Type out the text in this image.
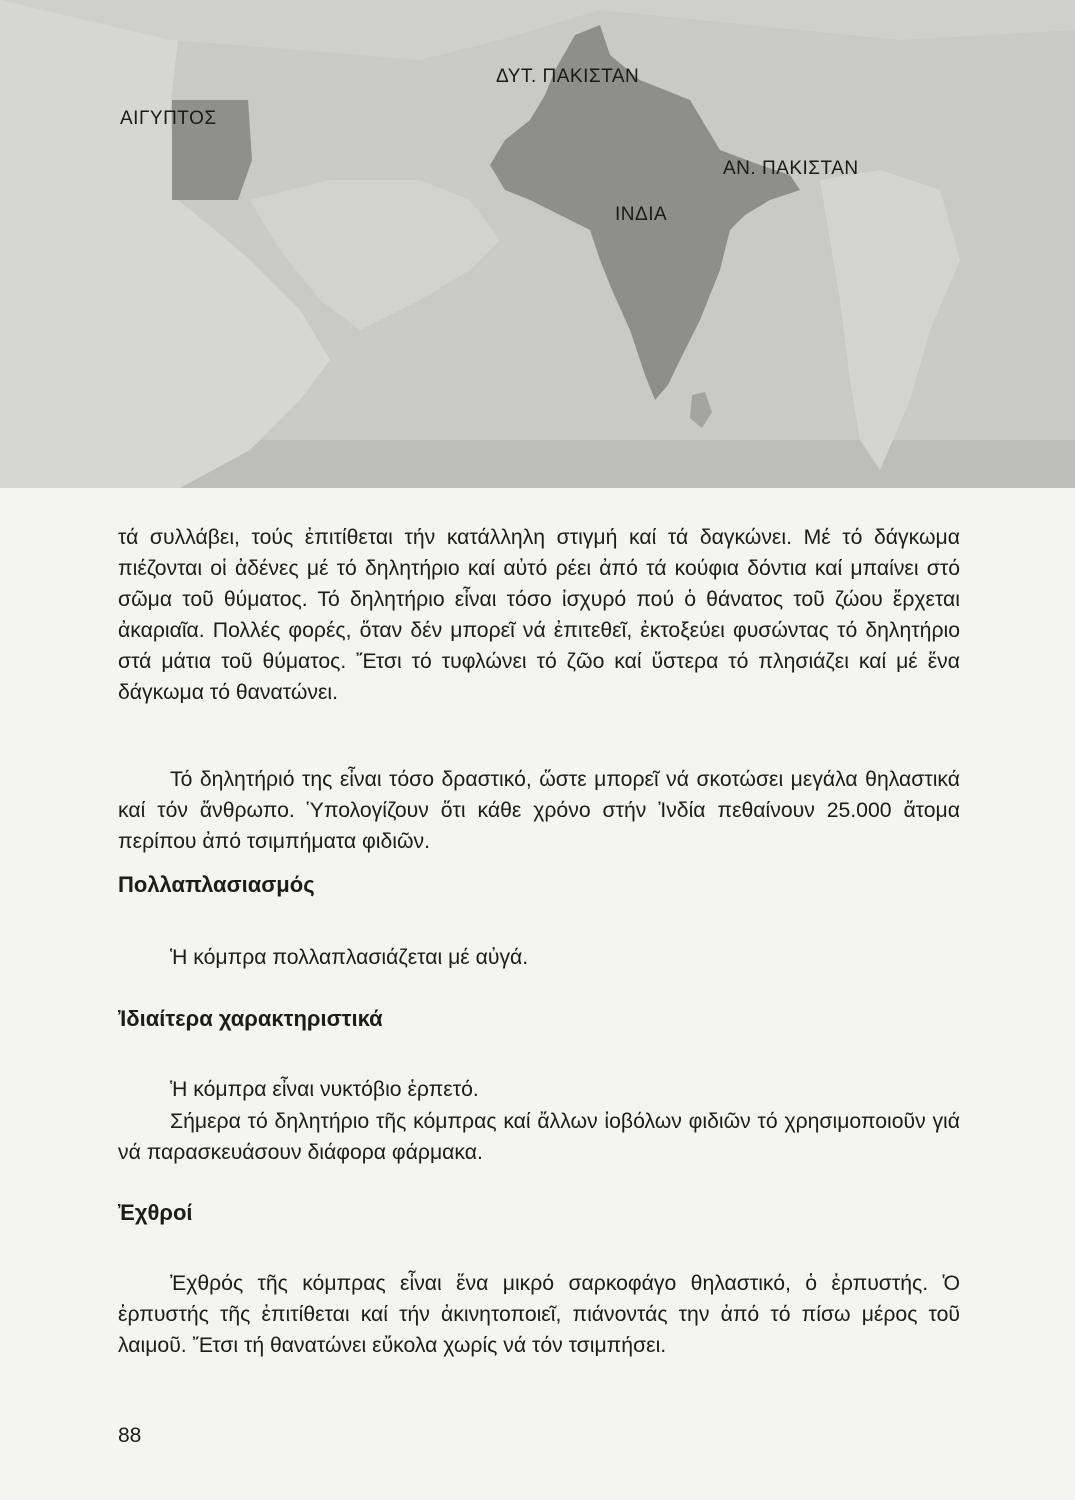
ΑΙΓΥΠΤΟΣ
ΔΥΤ. ΠΑΚΙΣΤΑΝ
ΑΝ. ΠΑΚΙΣΤΑΝ
ΙΝΔΙΑ

τά συλλάβει, τούς ἐπιτίθεται τήν κατάλληλη στιγμή καί τά δαγκώνει. Μέ τό δάγκωμα πιέζονται οἱ ἀδένες μέ τό δηλητήριο καί αὐτό ρέει ἀπό τά κούφια δόντια καί μπαίνει στό σῶμα τοῦ θύματος. Τό δηλητήριο εἶναι τόσο ἰσχυρό πού ὁ θάνατος τοῦ ζώου ἔρχεται ἀκαριαῖα. Πολλές φορές, ὅταν δέν μπορεῖ νά ἐπιτεθεῖ, ἐκτοξεύει φυσώντας τό δηλητήριο στά μάτια τοῦ θύματος. Ἔτσι τό τυφλώνει τό ζῶο καί ὕστερα τό πλησιάζει καί μέ ἕνα δάγκωμα τό θανατώνει.

Τό δηλητήριό της εἶναι τόσο δραστικό, ὥστε μπορεῖ νά σκοτώσει μεγάλα θηλαστικά καί τόν ἄνθρωπο. Ὑπολογίζουν ὅτι κάθε χρόνο στήν Ἰνδία πεθαίνουν 25.000 ἄτομα περίπου ἀπό τσιμπήματα φιδιῶν.

Πολλαπλασιασμός

Ἡ κόμπρα πολλαπλασιάζεται μέ αὐγά.

Ἰδιαίτερα χαρακτηριστικά

Ἡ κόμπρα εἶναι νυκτόβιο ἑρπετό.

Σήμερα τό δηλητήριο τῆς κόμπρας καί ἄλλων ἰοβόλων φιδιῶν τό χρησιμοποιοῦν γιά νά παρασκευάσουν διάφορα φάρμακα.

Ἐχθροί

Ἐχθρός τῆς κόμπρας εἶναι ἕνα μικρό σαρκοφάγο θηλαστικό, ὁ ἑρπυστής. Ὁ ἑρπυστής τῆς ἐπιτίθεται καί τήν ἀκινητοποιεῖ, πιάνοντάς την ἀπό τό πίσω μέρος τοῦ λαιμοῦ. Ἔτσι τή θανατώνει εὔκολα χωρίς νά τόν τσιμπήσει.

88
